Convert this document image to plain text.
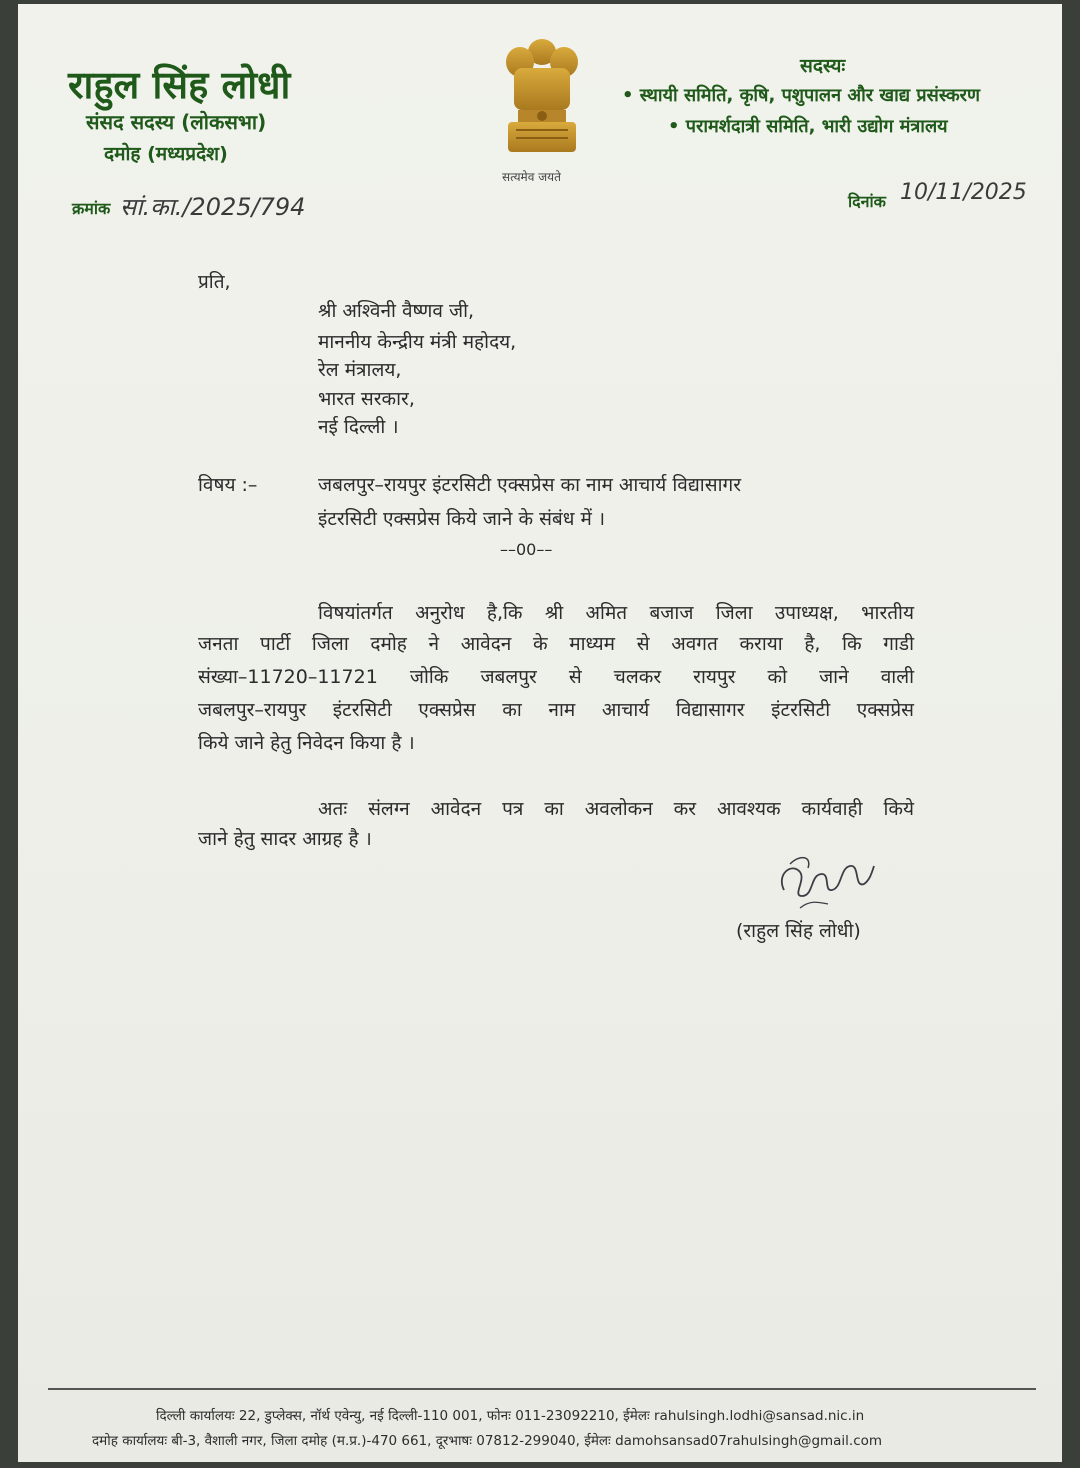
राहुल सिंह लोधी
संसद सदस्य (लोकसभा)
दमोह (मध्यप्रदेश)
सत्यमेव जयते
सदस्यः
• स्थायी समिति, कृषि, पशुपालन और खाद्य प्रसंस्करण
• परामर्शदात्री समिति, भारी उद्योग मंत्रालय
क्रमांक सां.का./2025/794	दिनांक 10/11/2025
प्रति,
श्री अश्विनी वैष्णव जी,
माननीय केन्द्रीय मंत्री महोदय,
रेल मंत्रालय,
भारत सरकार,
नई दिल्ली ।
विषय :–	जबलपुर–रायपुर इंटरसिटी एक्सप्रेस का नाम आचार्य विद्यासागर
इंटरसिटी एक्सप्रेस किये जाने के संबंध में ।
––00––
विषयांतर्गत अनुरोध है,कि श्री अमित बजाज जिला उपाध्यक्ष, भारतीय
जनता पार्टी जिला दमोह ने आवेदन के माध्यम से अवगत कराया है, कि गाडी
संख्या–11720–11721 जोकि जबलपुर से चलकर रायपुर को जाने वाली
जबलपुर–रायपुर इंटरसिटी एक्सप्रेस का नाम आचार्य विद्यासागर इंटरसिटी एक्सप्रेस
किये जाने हेतु निवेदन किया है ।
अतः संलग्न आवेदन पत्र का अवलोकन कर आवश्यक कार्यवाही किये
जाने हेतु सादर आग्रह है ।
(राहुल सिंह लोधी)
दिल्ली कार्यालयः 22, डुप्लेक्स, नॉर्थ एवेन्यु, नई दिल्ली-110 001, फोनः 011-23092210, ईमेलः rahulsingh.lodhi@sansad.nic.in
दमोह कार्यालयः बी-3, वैशाली नगर, जिला दमोह (म.प्र.)-470 661, दूरभाषः 07812-299040, ईमेलः damohsansad07rahulsingh@gmail.com
